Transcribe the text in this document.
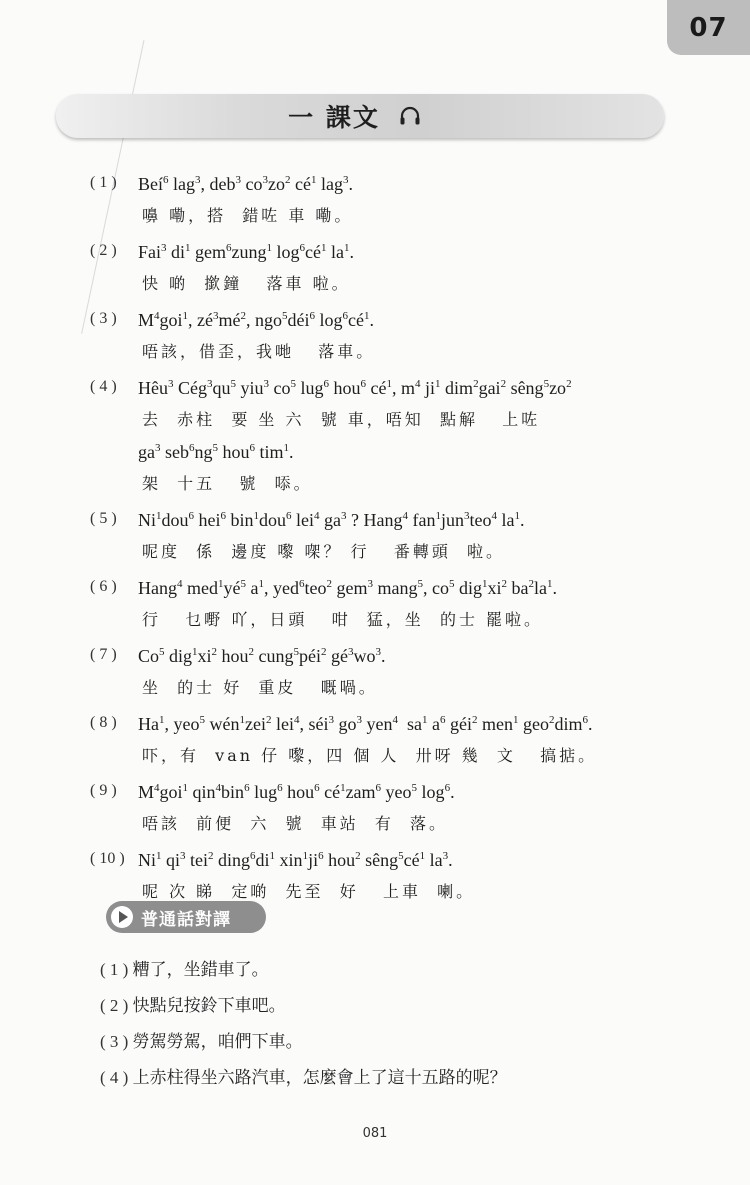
07
一 課文
( 1 ) Beí$^6$ lag$^3$, deb$^3$ $co^3zo^2$ $cé^1$ lag$^3$.
嚊 嘞，搭  錯咗 車 嘞。
( 2 ) Fai$^3$ $di^1$ gem$^6$zung$^1$ $\log^6cé^1$ $la^1$.
快 啲  撳鐘   落車 啦。
( 3 ) $M^4goi^1$, $zé^3mé^2$, ngo$^5$déi$^6$ $\log^6cé^1$.
唔該，借歪，我哋   落車。
( 4 ) Hêu$^3$ $Cég^3qu^5$ yiu$^3$ $co^5$ lug$^6$ hou$^6$ $cé^1$, $m^4$ $ji^1$ dim$^2$gai$^2$ $sêng^5zo^2$
去  赤柱  要 坐 六  號 車，唔知  點解   上咗
$ga^3$ $seb^6ng^5$ hou$^6$ tim$^1$.
架  十五   號  㖭。
( 5 ) Ni$^1$dou$^6$ hei$^6$ bin$^1$dou$^6$ lei$^4$ $ga^3$ ? Hang$^4$ fan$^1$jun$^3$teo$^4$ $la^1$.
呢度  係  邊度 嚟 㗎？ 行   番轉頭  啦。
( 6 ) Hang$^4$ $med^1yé^5$ $a^1$, yed$^6$teo$^2$ gem$^3$ mang$^5$, $co^5$ $dig^1xi^2$ $ba^2la^1$.
行   乜嘢 吖，日頭   咁  猛，坐  的士 罷啦。
( 7 ) Co$^5$ $dig^1xi^2$ hou$^2$ cung$^5$péi$^2$ $gé^3wo^3$.
坐  的士 好  重皮   嘅喎。
( 8 ) Ha$^1$, yeo$^5$ wén$^1$zei$^2$ lei$^4$, séi$^3$ $go^3$ yen$^4$  $sa^1$ $a^6$ géi$^2$ men$^1$ geo$^2$dim$^6$.
吓，有  van 仔 嚟，四 個 人  卅呀 幾  文   搞掂。
( 9 ) $M^4goi^1$ qin$^4$bin$^6$ lug$^6$ hou$^6$ $cé^1zam^6$ yeo$^5$ $\log^6$.
唔該  前便  六  號  車站  有  落。
( 10 ) Ni$^1$ $qi^3$ tei$^2$ $ding^6di^1$ $xin^1ji^6$ hou$^2$ $sêng^5cé^1$ $la^3$.
呢 次 睇  定啲  先至  好   上車  喇。
普通話對譯
( 1 ) 糟了，坐錯車了。
( 2 ) 快點兒按鈴下車吧。
( 3 ) 勞駕勞駕，咱們下車。
( 4 ) 上赤柱得坐六路汽車，怎麼會上了這十五路的呢？
081
